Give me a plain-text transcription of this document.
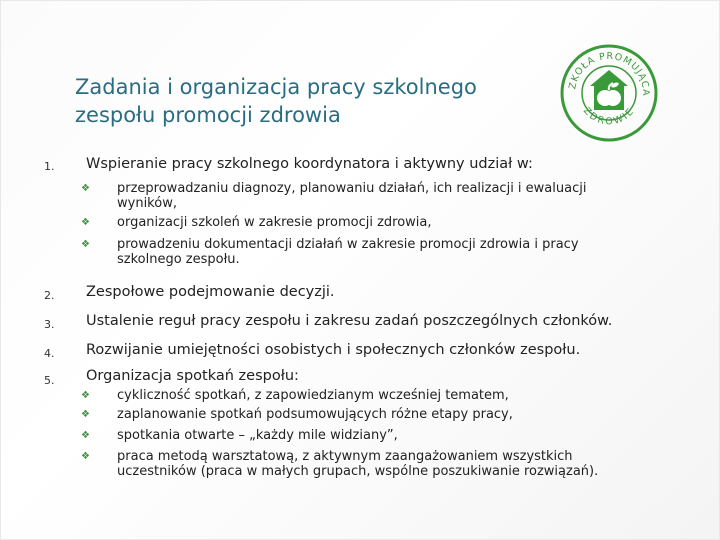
Zadania i organizacja pracy szkolnego zespołu promocji zdrowia
ZKOŁA PROMUJĄCA
ZDROWIE
1. Wspieranie pracy szkolnego koordynatora i aktywny udział w:
❖ przeprowadzaniu diagnozy, planowaniu działań, ich realizacji i ewaluacji wyników,
❖ organizacji szkoleń w zakresie promocji zdrowia,
❖ prowadzeniu dokumentacji działań w zakresie promocji zdrowia i pracy szkolnego zespołu.
2. Zespołowe podejmowanie decyzji.
3. Ustalenie reguł pracy zespołu i zakresu zadań poszczególnych członków.
4. Rozwijanie umiejętności osobistych i społecznych członków zespołu.
5. Organizacja spotkań zespołu:
❖ cykliczność spotkań, z zapowiedzianym wcześniej tematem,
❖ zaplanowanie spotkań podsumowujących różne etapy pracy,
❖ spotkania otwarte – „każdy mile widziany”,
❖ praca metodą warsztatową, z aktywnym zaangażowaniem wszystkich uczestników (praca w małych grupach, wspólne poszukiwanie rozwiązań).
